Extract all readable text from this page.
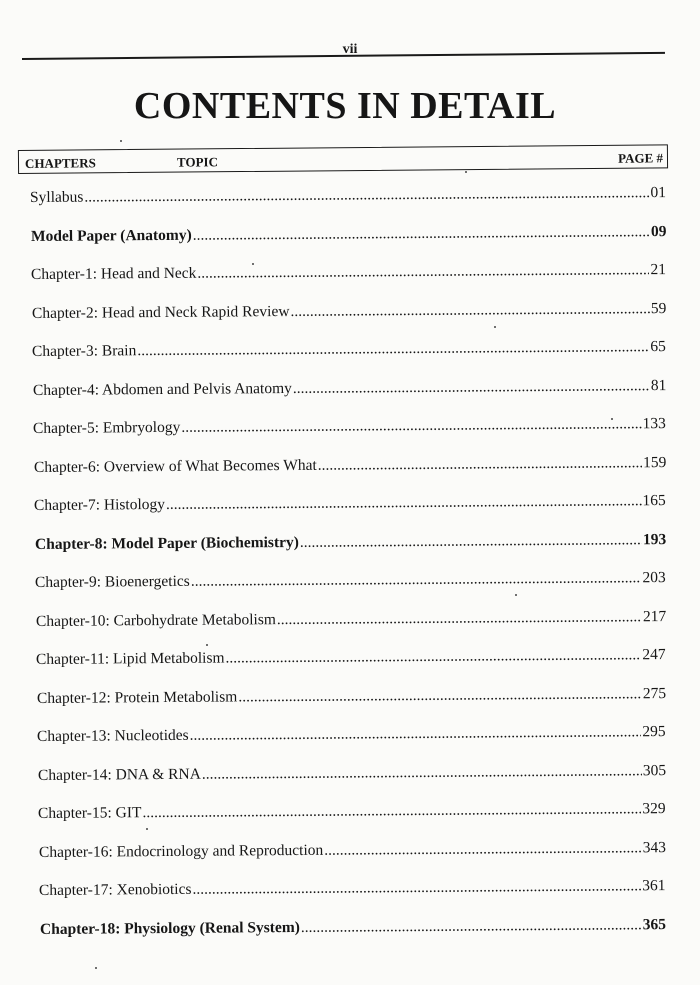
vii
CONTENTS IN DETAIL
CHAPTERS	TOPIC	PAGE #
Syllabus .....	01
Model Paper (Anatomy) .....	09
Chapter-1: Head and Neck .....	21
Chapter-2: Head and Neck Rapid Review .....	59
Chapter-3: Brain .....	65
Chapter-4: Abdomen and Pelvis Anatomy .....	81
Chapter-5: Embryology .....	133
Chapter-6: Overview of What Becomes What .....	159
Chapter-7: Histology .....	165
Chapter-8: Model Paper (Biochemistry) .....	193
Chapter-9: Bioenergetics .....	203
Chapter-10: Carbohydrate Metabolism .....	217
Chapter-11: Lipid Metabolism .....	247
Chapter-12: Protein Metabolism .....	275
Chapter-13: Nucleotides .....	295
Chapter-14: DNA & RNA .....	305
Chapter-15: GIT .....	329
Chapter-16: Endocrinology and Reproduction .....	343
Chapter-17: Xenobiotics .....	361
Chapter-18: Physiology (Renal System) .....	365
